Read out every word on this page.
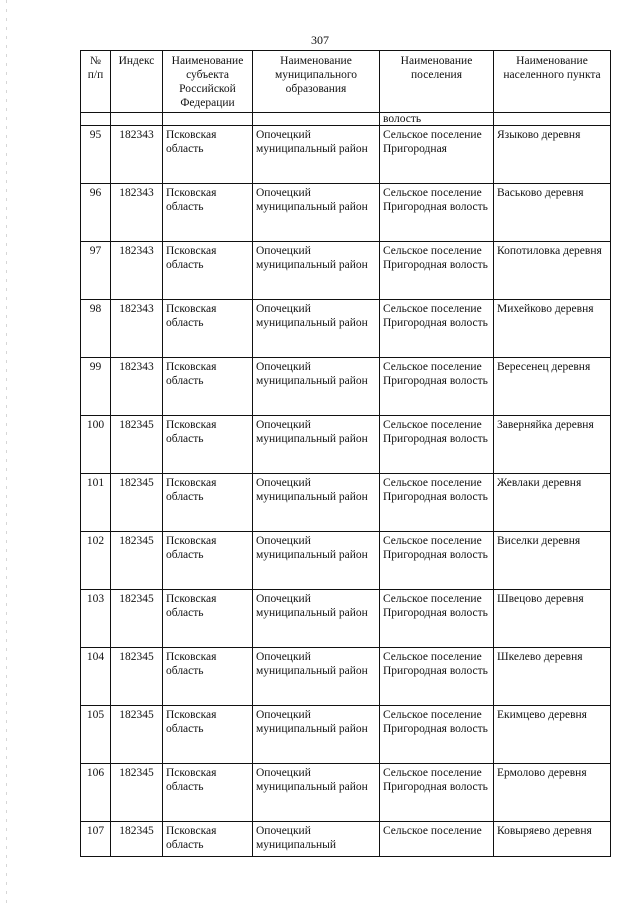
307
№ п/п	Индекс	Наименование субъекта Российской Федерации	Наименование муниципального образования	Наименование поселения	Наименование населенного пункта
				волость	
95	182343	Псковская область	Опочецкий муниципальный район	Сельское поселение Пригородная	Языково деревня
96	182343	Псковская область	Опочецкий муниципальный район	Сельское поселение Пригородная волость	Васьково деревня
97	182343	Псковская область	Опочецкий муниципальный район	Сельское поселение Пригородная волость	Копотиловка деревня
98	182343	Псковская область	Опочецкий муниципальный район	Сельское поселение Пригородная волость	Михейково деревня
99	182343	Псковская область	Опочецкий муниципальный район	Сельское поселение Пригородная волость	Вересенец деревня
100	182345	Псковская область	Опочецкий муниципальный район	Сельское поселение Пригородная волость	Заверняйка деревня
101	182345	Псковская область	Опочецкий муниципальный район	Сельское поселение Пригородная волость	Жевлаки деревня
102	182345	Псковская область	Опочецкий муниципальный район	Сельское поселение Пригородная волость	Виселки деревня
103	182345	Псковская область	Опочецкий муниципальный район	Сельское поселение Пригородная волость	Швецово деревня
104	182345	Псковская область	Опочецкий муниципальный район	Сельское поселение Пригородная волость	Шкелево деревня
105	182345	Псковская область	Опочецкий муниципальный район	Сельское поселение Пригородная волость	Екимцево деревня
106	182345	Псковская область	Опочецкий муниципальный район	Сельское поселение Пригородная волость	Ермолово деревня
107	182345	Псковская область	Опочецкий муниципальный	Сельское поселение	Ковыряево деревня
